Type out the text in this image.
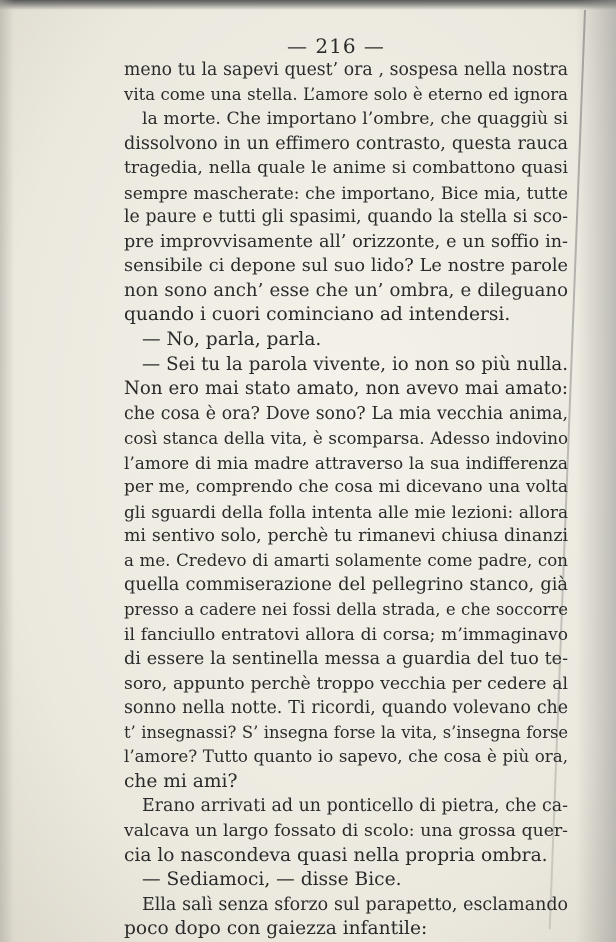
— 216 —
meno tu la sapevi quest’ ora ‚ sospesa nella nostra
vita come una stella. L’amore solo è eterno ed ignora
la morte. Che importano l’ombre, che quaggiù si
dissolvono in un effimero contrasto, questa rauca
tragedia, nella quale le anime si combattono quasi
sempre mascherate: che importano, Bice mia, tutte
le paure e tutti gli spasimi, quando la stella si sco-
pre improvvisamente all’ orizzonte, e un soffio in-
sensibile ci depone sul suo lido? Le nostre parole
non sono anch’ esse che un’ ombra, e dileguano
quando i cuori cominciano ad intendersi.
— No, parla, parla.
— Sei tu la parola vivente, io non so più nulla.
Non ero mai stato amato, non avevo mai amato:
che cosa è ora? Dove sono? La mia vecchia anima,
così stanca della vita, è scomparsa. Adesso indovino
l’amore di mia madre attraverso la sua indifferenza
per me, comprendo che cosa mi dicevano una volta
gli sguardi della folla intenta alle mie lezioni: allora
mi sentivo solo, perchè tu rimanevi chiusa dinanzi
a me. Credevo di amarti solamente come padre, con
quella commiserazione del pellegrino stanco, già
presso a cadere nei fossi della strada, e che soccorre
il fanciullo entratovi allora di corsa; m’immaginavo
di essere la sentinella messa a guardia del tuo te-
soro, appunto perchè troppo vecchia per cedere al
sonno nella notte. Ti ricordi, quando volevano che
t’ insegnassi? S’ insegna forse la vita, s’insegna forse
l’amore? Tutto quanto io sapevo, che cosa è più ora,
che mi ami?
Erano arrivati ad un ponticello di pietra, che ca-
valcava un largo fossato di scolo: una grossa quer-
cia lo nascondeva quasi nella propria ombra.
— Sediamoci, — disse Bice.
Ella salì senza sforzo sul parapetto, esclamando
poco dopo con gaiezza infantile:
